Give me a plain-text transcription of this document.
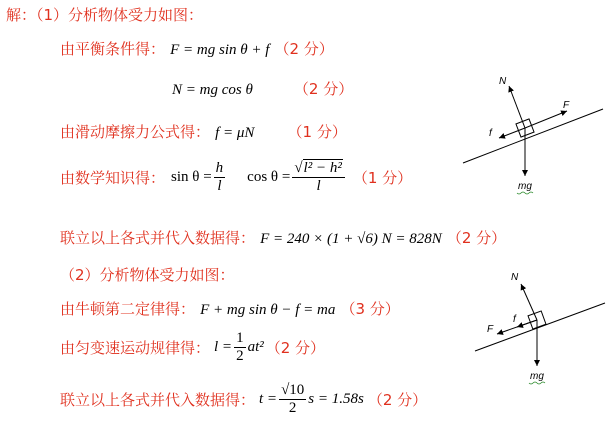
解：（1）分析物体受力如图：
由平衡条件得： F = mg sin θ + f （2 分）
N = mg cos θ	（2 分）
由滑动摩擦力公式得： f = μN （1 分）
由数学知识得： $\sin \theta = \frac{h}{l}$ $\cos \theta = \frac{\text{√l² − h²}}{l} (1$ 分）
联立以上各式并代入数据得： F = 240 × (1 + √6) N = 828N （2 分）
（2）分析物体受力如图：
由牛顿第二定律得： F + mg sin θ − f = ma （3 分）
由匀变速运动规律得： $l = \frac{1}{2} at^2$ （2 分）
联立以上各式并代入数据得： $t = \frac{√10}{2}$ s = 1.58s （2 分）
N
F
f
mg
N
F
f
mg
